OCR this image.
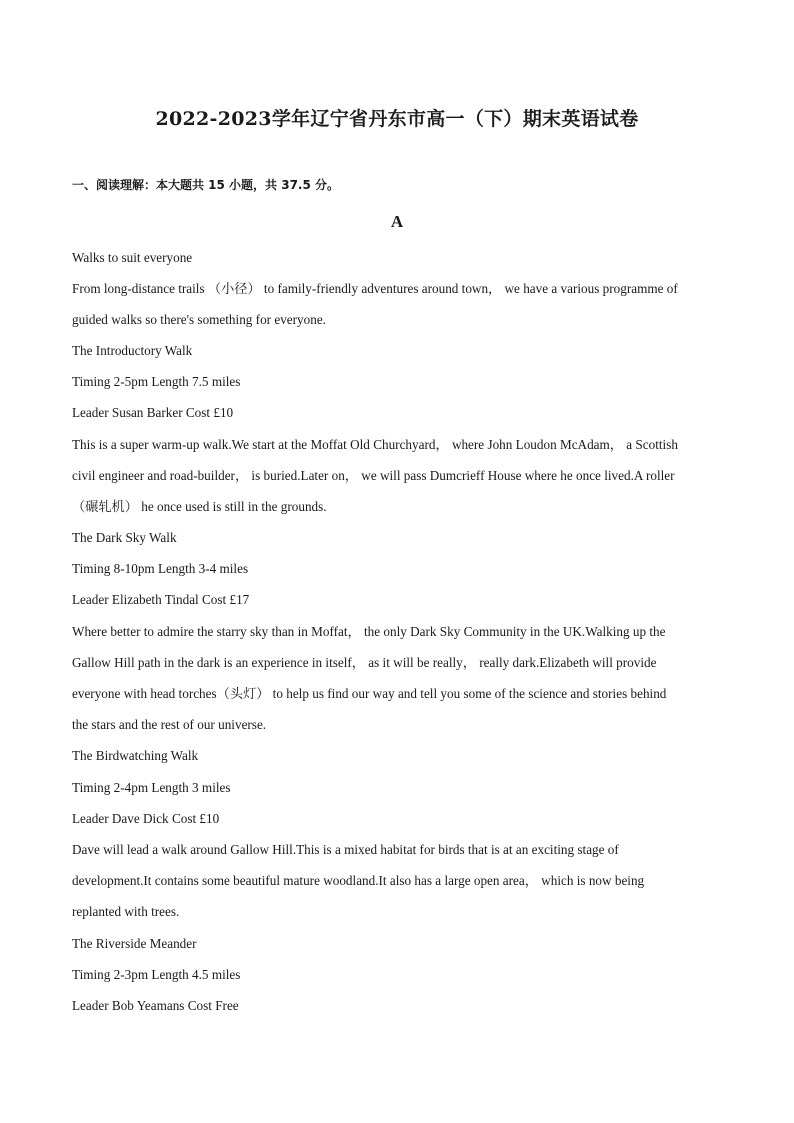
2022-2023学年辽宁省丹东市高一（下）期末英语试卷
一、阅读理解：本大题共 15 小题，共 37.5 分。
A
Walks to suit everyone
From long-distance trails （小径） to family-friendly adventures around town， we have a various programme of
guided walks so there's something for everyone.
The Introductory Walk
Timing 2-5pm Length 7.5 miles
Leader Susan Barker Cost £10
This is a super warm-up walk.We start at the Moffat Old Churchyard， where John Loudon McAdam， a Scottish
civil engineer and road-builder， is buried.Later on， we will pass Dumcrieff House where he once lived.A roller
（碾轧机） he once used is still in the grounds.
The Dark Sky Walk
Timing 8-10pm Length 3-4 miles
Leader Elizabeth Tindal Cost £17
Where better to admire the starry sky than in Moffat， the only Dark Sky Community in the UK.Walking up the
Gallow Hill path in the dark is an experience in itself， as it will be really， really dark.Elizabeth will provide
everyone with head torches（头灯） to help us find our way and tell you some of the science and stories behind
the stars and the rest of our universe.
The Birdwatching Walk
Timing 2-4pm Length 3 miles
Leader Dave Dick Cost £10
Dave will lead a walk around Gallow Hill.This is a mixed habitat for birds that is at an exciting stage of
development.It contains some beautiful mature woodland.It also has a large open area， which is now being
replanted with trees.
The Riverside Meander
Timing 2-3pm Length 4.5 miles
Leader Bob Yeamans Cost Free
